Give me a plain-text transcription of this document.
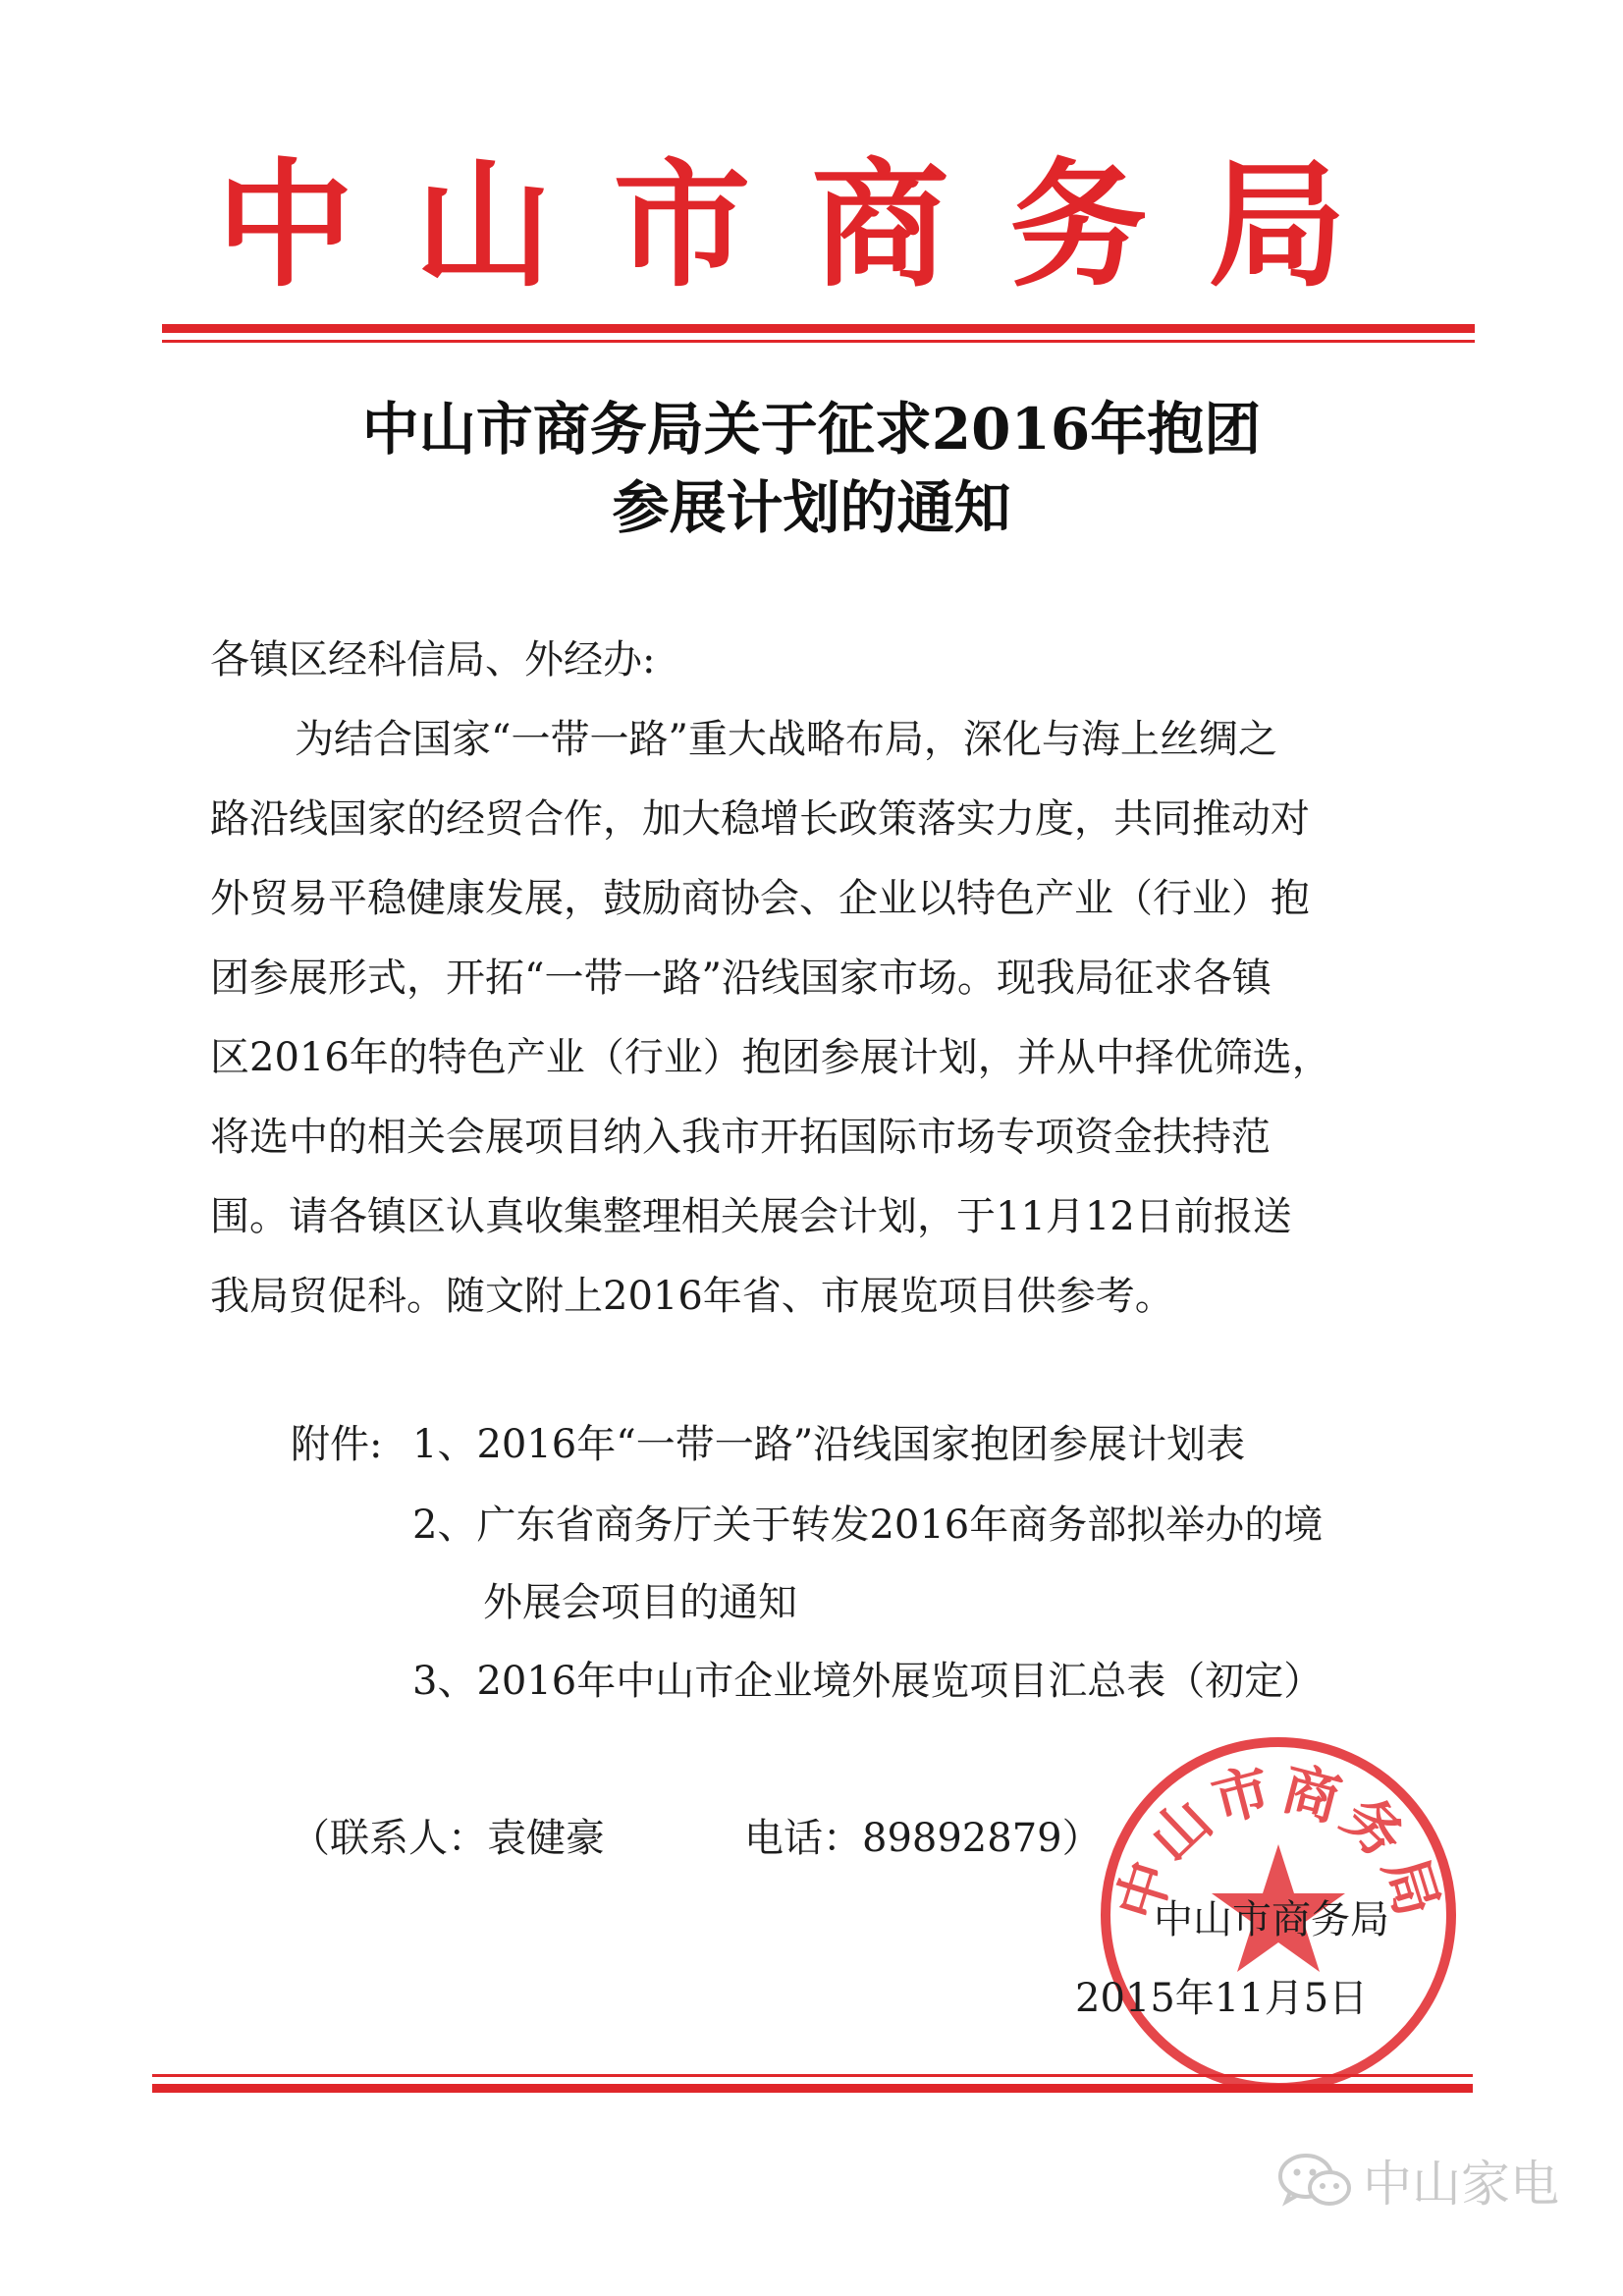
中山市商务局
中山市商务局关于征求2016年抱团
参展计划的通知
各镇区经科信局、外经办:
为结合国家“一带一路”重大战略布局，深化与海上丝绸之
路沿线国家的经贸合作，加大稳增长政策落实力度，共同推动对
外贸易平稳健康发展，鼓励商协会、企业以特色产业（行业）抱
团参展形式，开拓“一带一路”沿线国家市场。现我局征求各镇
区2016年的特色产业（行业）抱团参展计划，并从中择优筛选，
将选中的相关会展项目纳入我市开拓国际市场专项资金扶持范
围。请各镇区认真收集整理相关展会计划，于11月12日前报送
我局贸促科。随文附上2016年省、市展览项目供参考。
附件: 1、2016年“一带一路”沿线国家抱团参展计划表
2、广东省商务厅关于转发2016年商务部拟举办的境
外展会项目的通知
3、2016年中山市企业境外展览项目汇总表（初定）
（联系人：袁健豪	电话：89892879）
中山市商务局
中山市商务局
2015年11月5日
中山家电
